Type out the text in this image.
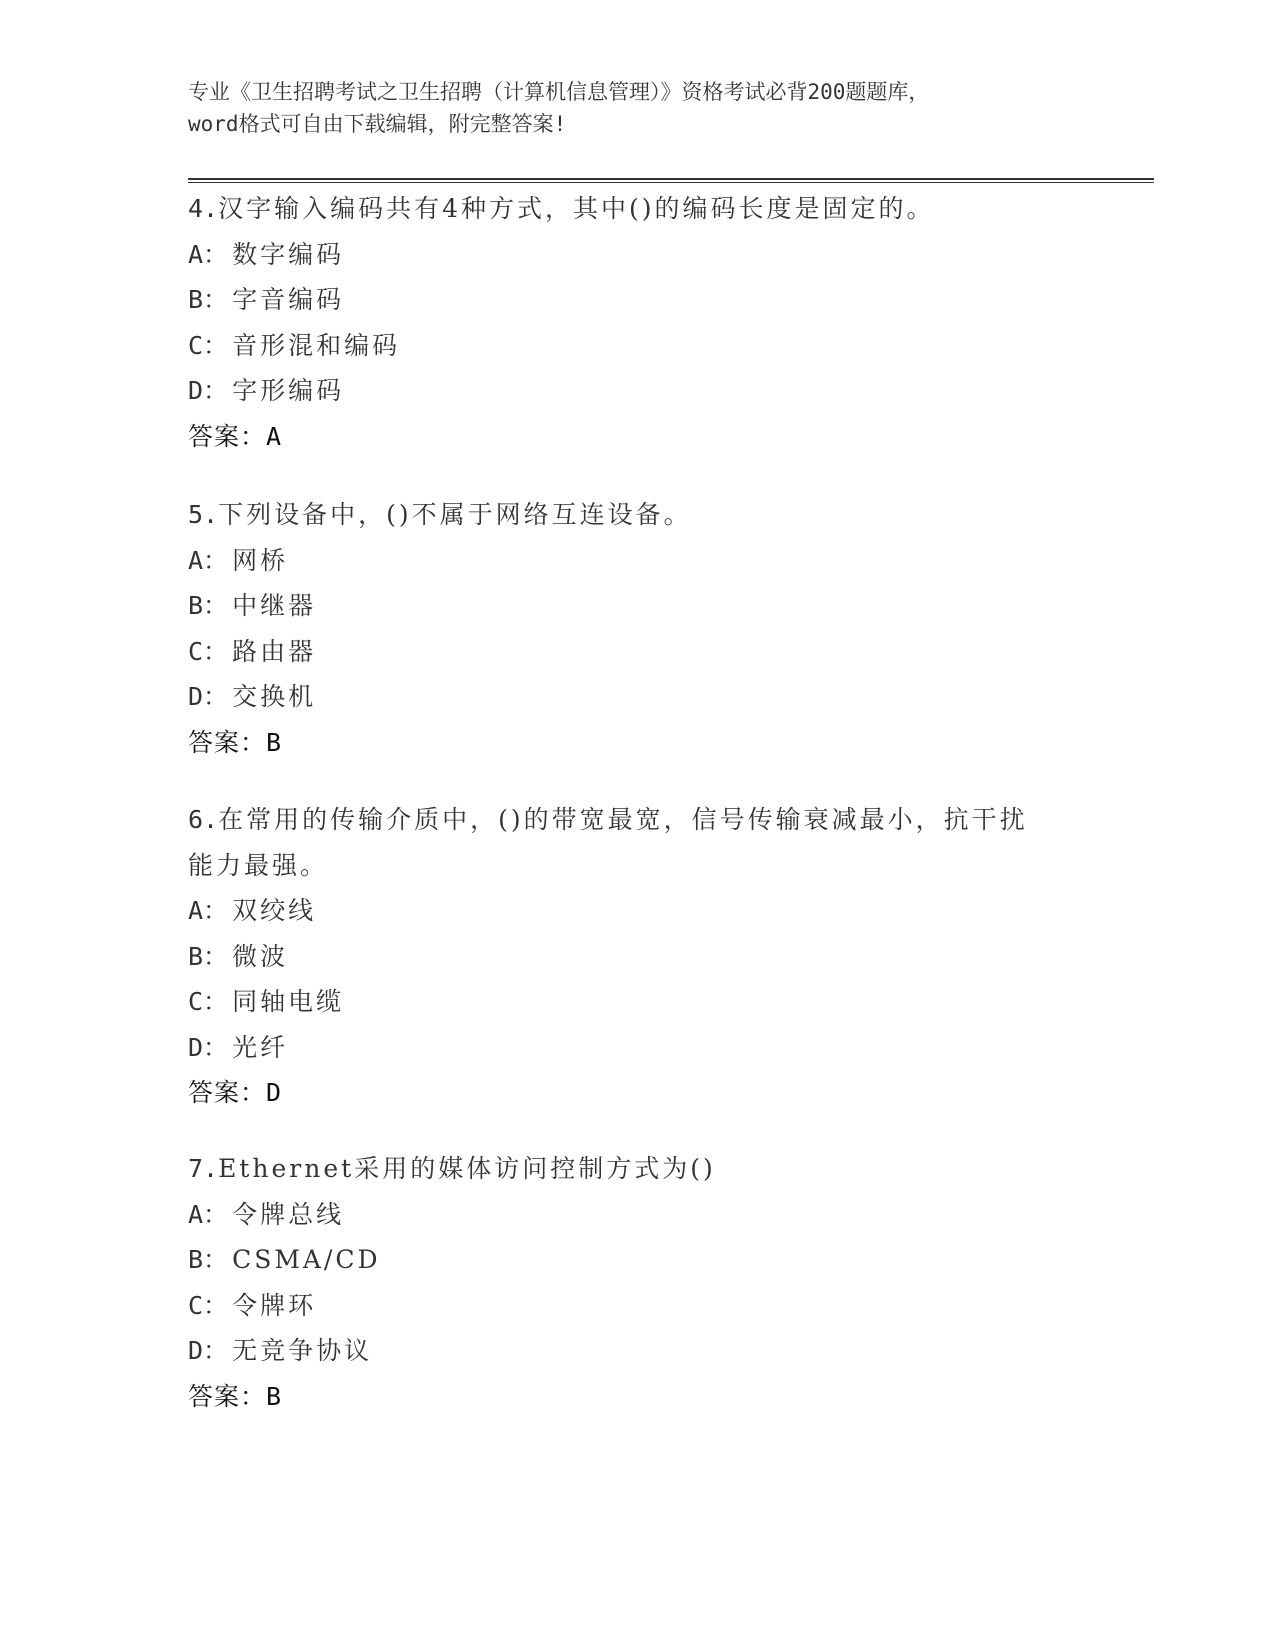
专业《卫生招聘考试之卫生招聘（计算机信息管理）》资格考试必背200题题库，
word格式可自由下载编辑，附完整答案!
4.汉字输入编码共有4种方式，其中()的编码长度是固定的。
A： 数字编码
B： 字音编码
C： 音形混和编码
D： 字形编码
答案：A
5.下列设备中，()不属于网络互连设备。
A： 网桥
B： 中继器
C： 路由器
D： 交换机
答案：B
6.在常用的传输介质中，()的带宽最宽，信号传输衰减最小，抗干扰
能力最强。
A： 双绞线
B： 微波
C： 同轴电缆
D： 光纤
答案：D
7.Ethernet采用的媒体访问控制方式为()
A： 令牌总线
B： CSMA/CD
C： 令牌环
D： 无竞争协议
答案：B
